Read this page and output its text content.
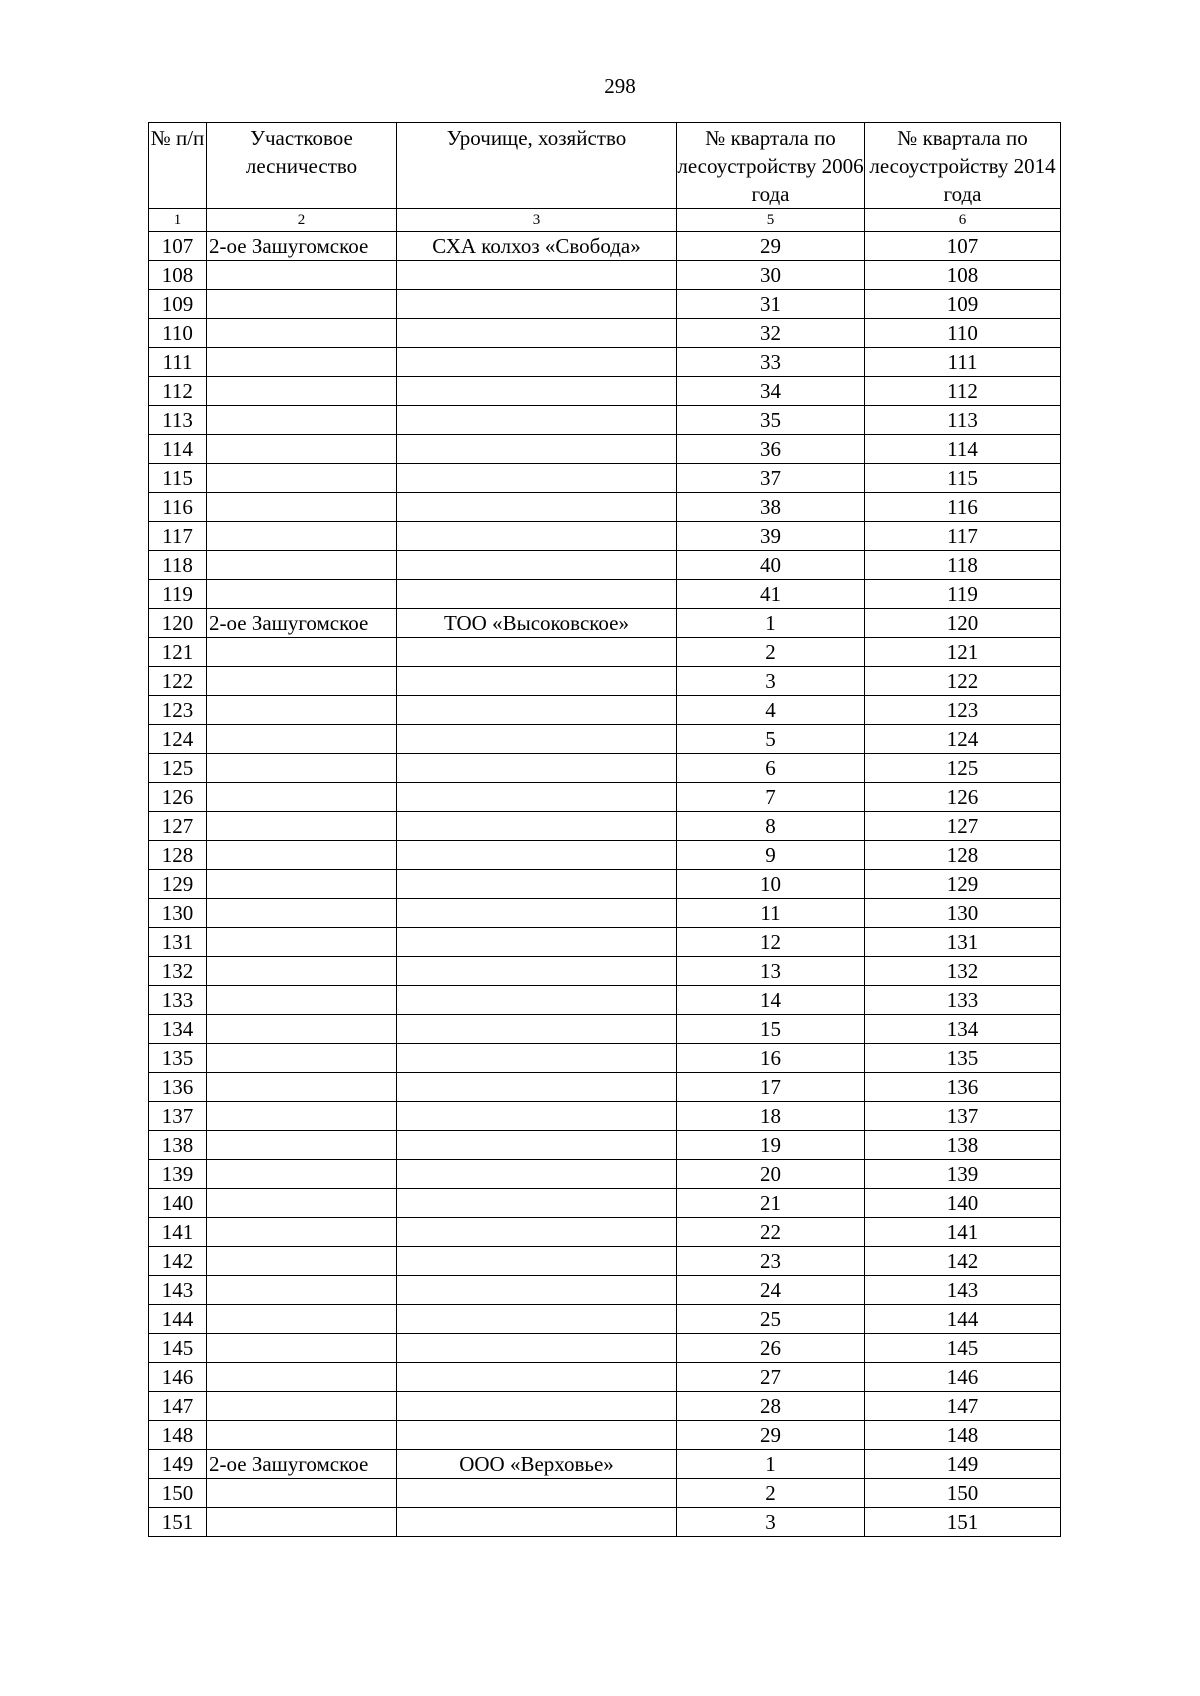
298
№ п/п	Участковое лесничество	Урочище, хозяйство	№ квартала по лесоустройству 2006 года	№ квартала по лесоустройству 2014 года
1	2	3	5	6
107	2-ое Зашугомское	СХА колхоз «Свобода»	29	107
108			30	108
109			31	109
110			32	110
111			33	111
112			34	112
113			35	113
114			36	114
115			37	115
116			38	116
117			39	117
118			40	118
119			41	119
120	2-ое Зашугомское	ТОО «Высоковское»	1	120
121			2	121
122			3	122
123			4	123
124			5	124
125			6	125
126			7	126
127			8	127
128			9	128
129			10	129
130			11	130
131			12	131
132			13	132
133			14	133
134			15	134
135			16	135
136			17	136
137			18	137
138			19	138
139			20	139
140			21	140
141			22	141
142			23	142
143			24	143
144			25	144
145			26	145
146			27	146
147			28	147
148			29	148
149	2-ое Зашугомское	ООО «Верховье»	1	149
150			2	150
151			3	151
